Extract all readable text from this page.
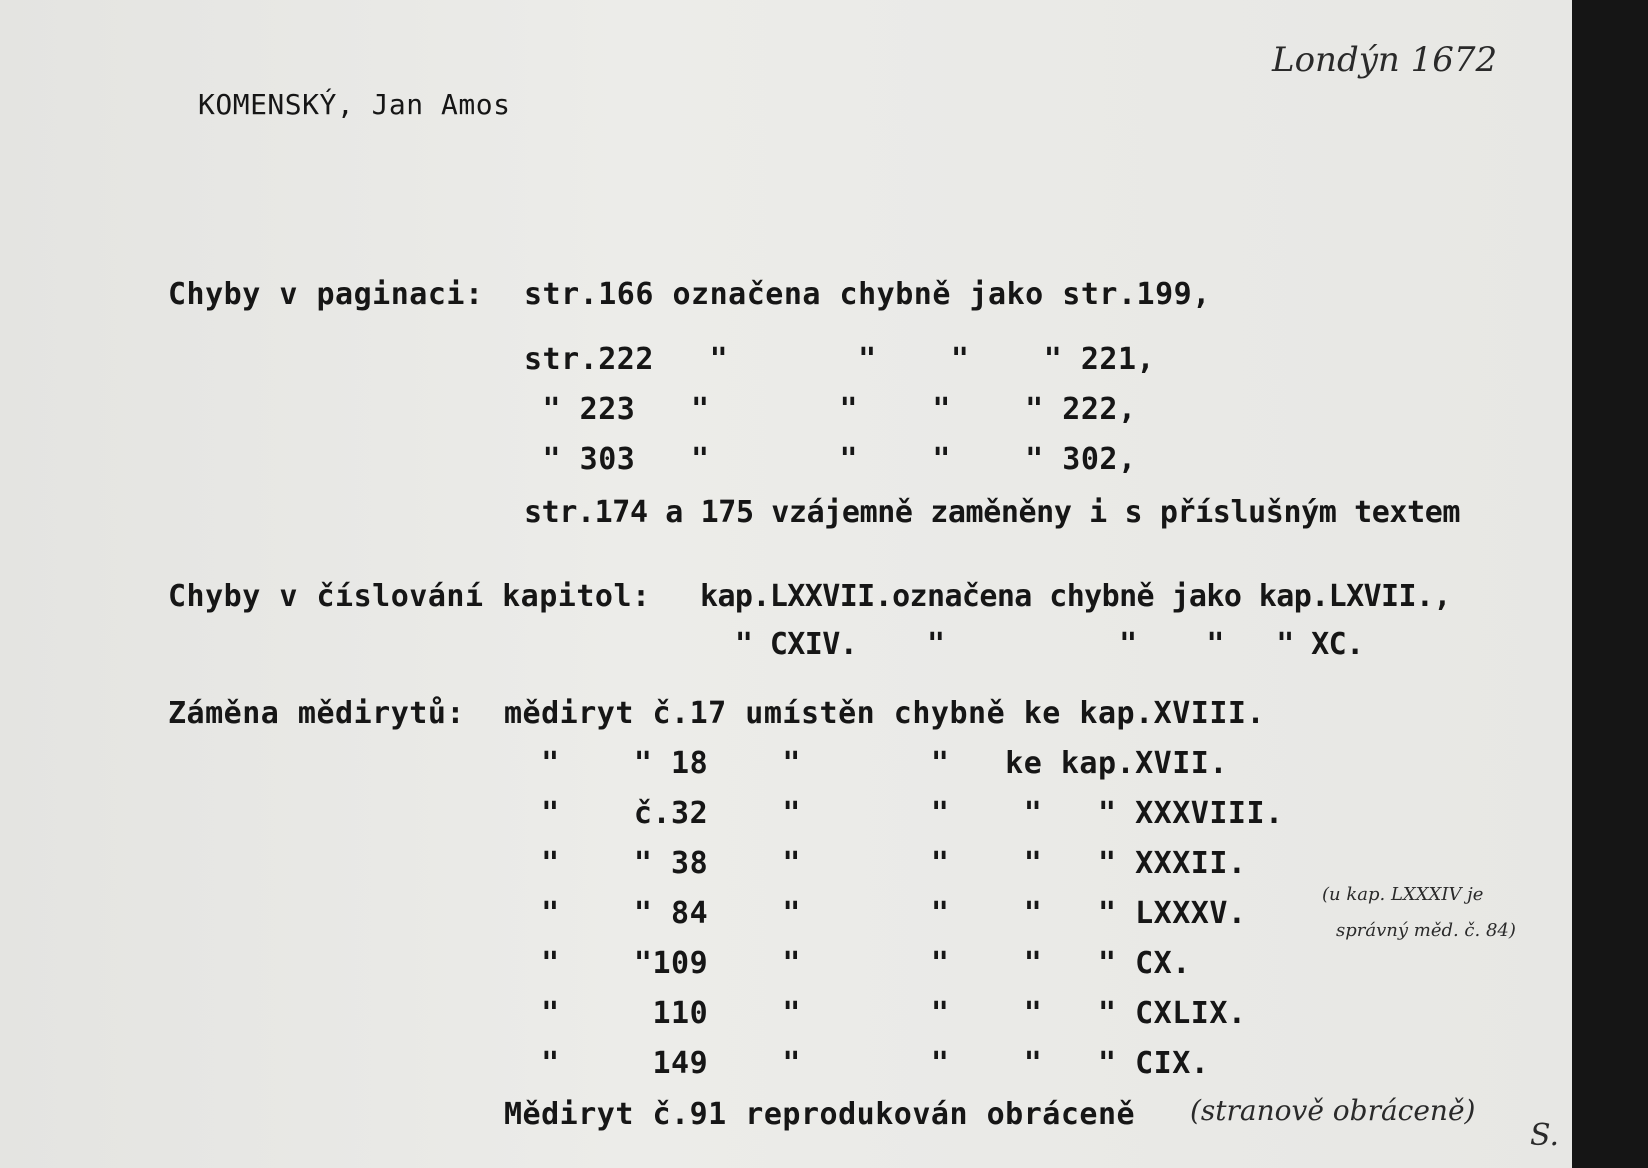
KOMENSKÝ, Jan Amos
Londýn 1672
Chyby v paginaci: str.166 označena chybně jako str.199,
str.222   "       "    "    " 221,
" 223   "       "    "    " 222,
" 303   "       "    "    " 302,
str.174 a 175 vzájemně zaměněny i s příslušným textem
Chyby v číslování kapitol: kap.LXXVII.označena chybně jako kap.LXVII.,
" CXIV.    "          "    "   " XC.
Záměna mědirytů: mědiryt č.17 umístěn chybně ke kap.XVIII.
"    " 18    "       "   ke kap.XVII.
"    č.32    "       "    "   " XXXVIII.
"    " 38    "       "    "   " XXXII.
"    " 84    "       "    "   " LXXXV.
"    "109    "       "    "   " CX.
"     110    "       "    "   " CXLIX.
"     149    "       "    "   " CIX.
(u kap. LXXXIV je
správný měd. č. 84)
Mědiryt č.91 reprodukován obráceně (stranově obráceně)
S.
